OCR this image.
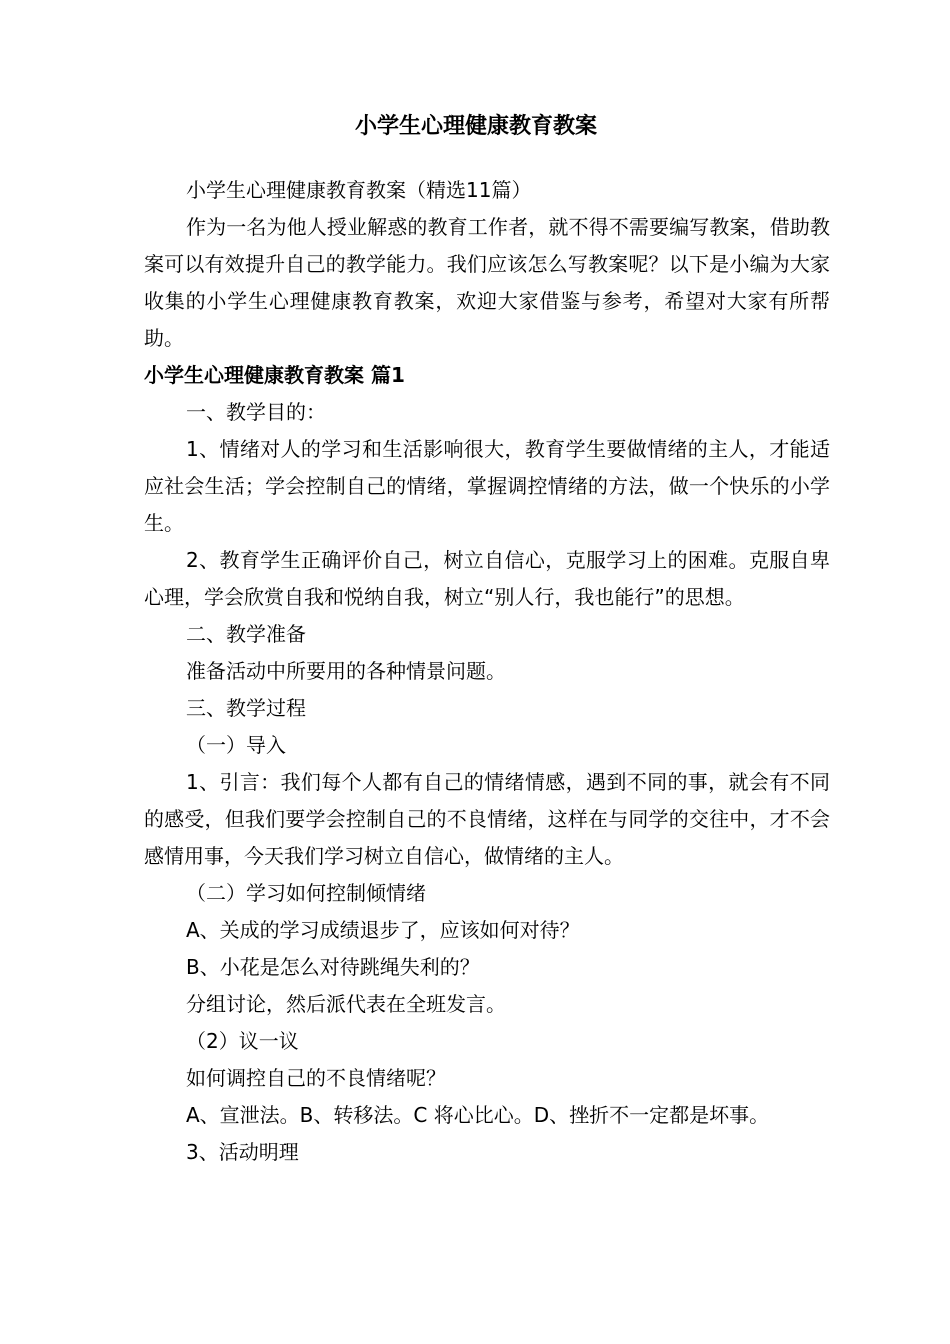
小学生心理健康教育教案

小学生心理健康教育教案（精选11篇）

作为一名为他人授业解惑的教育工作者，就不得不需要编写教案，借助教案可以有效提升自己的教学能力。我们应该怎么写教案呢？以下是小编为大家收集的小学生心理健康教育教案，欢迎大家借鉴与参考，希望对大家有所帮助。

小学生心理健康教育教案 篇1

一、教学目的：

1、情绪对人的学习和生活影响很大，教育学生要做情绪的主人，才能适应社会生活；学会控制自己的情绪，掌握调控情绪的方法，做一个快乐的小学生。

2、教育学生正确评价自己，树立自信心，克服学习上的困难。克服自卑心理，学会欣赏自我和悦纳自我，树立“别人行，我也能行”的思想。

二、教学准备

准备活动中所要用的各种情景问题。

三、教学过程

（一）导入

1、引言：我们每个人都有自己的情绪情感，遇到不同的事，就会有不同的感受，但我们要学会控制自己的不良情绪，这样在与同学的交往中，才不会感情用事，今天我们学习树立自信心，做情绪的主人。

（二）学习如何控制倾情绪

A、关成的学习成绩退步了，应该如何对待？

B、小花是怎么对待跳绳失利的？

分组讨论，然后派代表在全班发言。

（2）议一议

如何调控自己的不良情绪呢？

A、宣泄法。B、转移法。C 将心比心。D、挫折不一定都是坏事。

3、活动明理
